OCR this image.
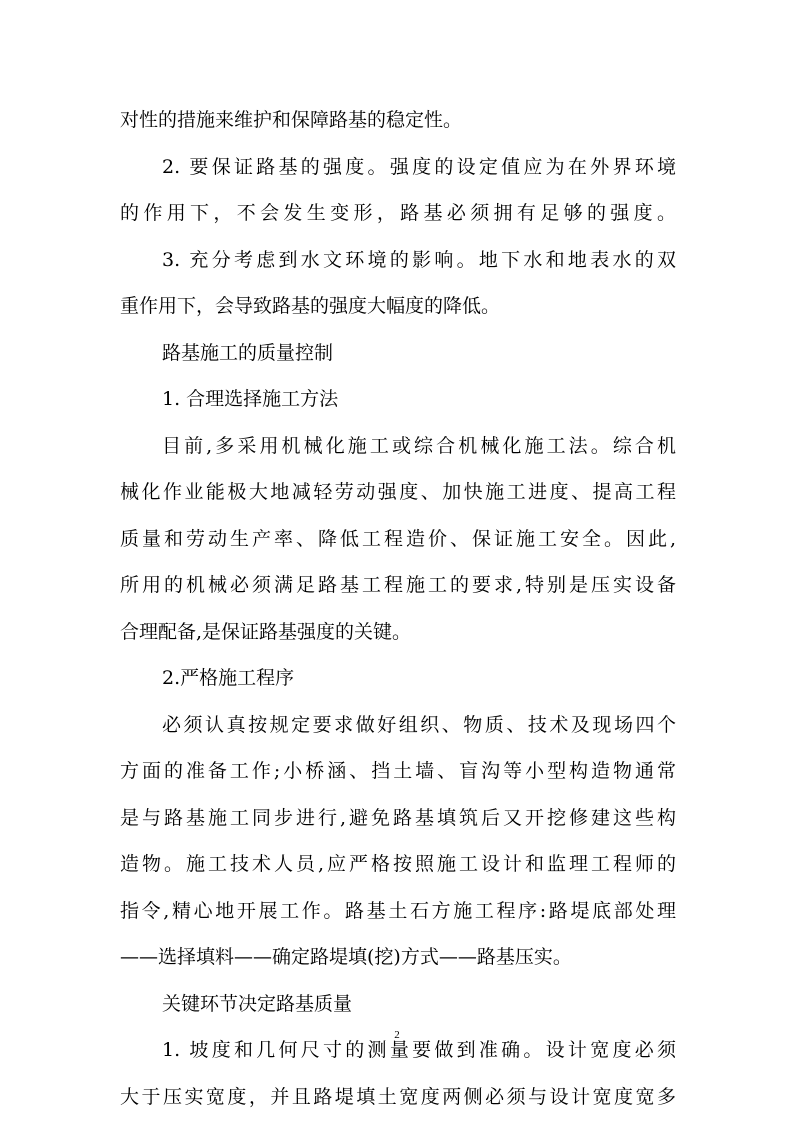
对性的措施来维护和保障路基的稳定性。
2. 要保证路基的强度。强度的设定值应为在外界环境
的作用下，不会发生变形，路基必须拥有足够的强度。
3. 充分考虑到水文环境的影响。地下水和地表水的双
重作用下，会导致路基的强度大幅度的降低。
路基施工的质量控制
1. 合理选择施工方法
目前,多采用机械化施工或综合机械化施工法。综合机
械化作业能极大地减轻劳动强度、加快施工进度、提高工程
质量和劳动生产率、降低工程造价、保证施工安全。因此,
所用的机械必须满足路基工程施工的要求,特别是压实设备
合理配备,是保证路基强度的关键。
2.严格施工程序
必须认真按规定要求做好组织、物质、技术及现场四个
方面的准备工作;小桥涵、挡土墙、盲沟等小型构造物通常
是与路基施工同步进行,避免路基填筑后又开挖修建这些构
造物。施工技术人员,应严格按照施工设计和监理工程师的
指令,精心地开展工作。路基土石方施工程序:路堤底部处理
——选择填料——确定路堤填(挖)方式——路基压实。
关键环节决定路基质量
1. 坡度和几何尺寸的测量要做到准确。设计宽度必须
大于压实宽度，并且路堤填土宽度两侧必须与设计宽度宽多
2
